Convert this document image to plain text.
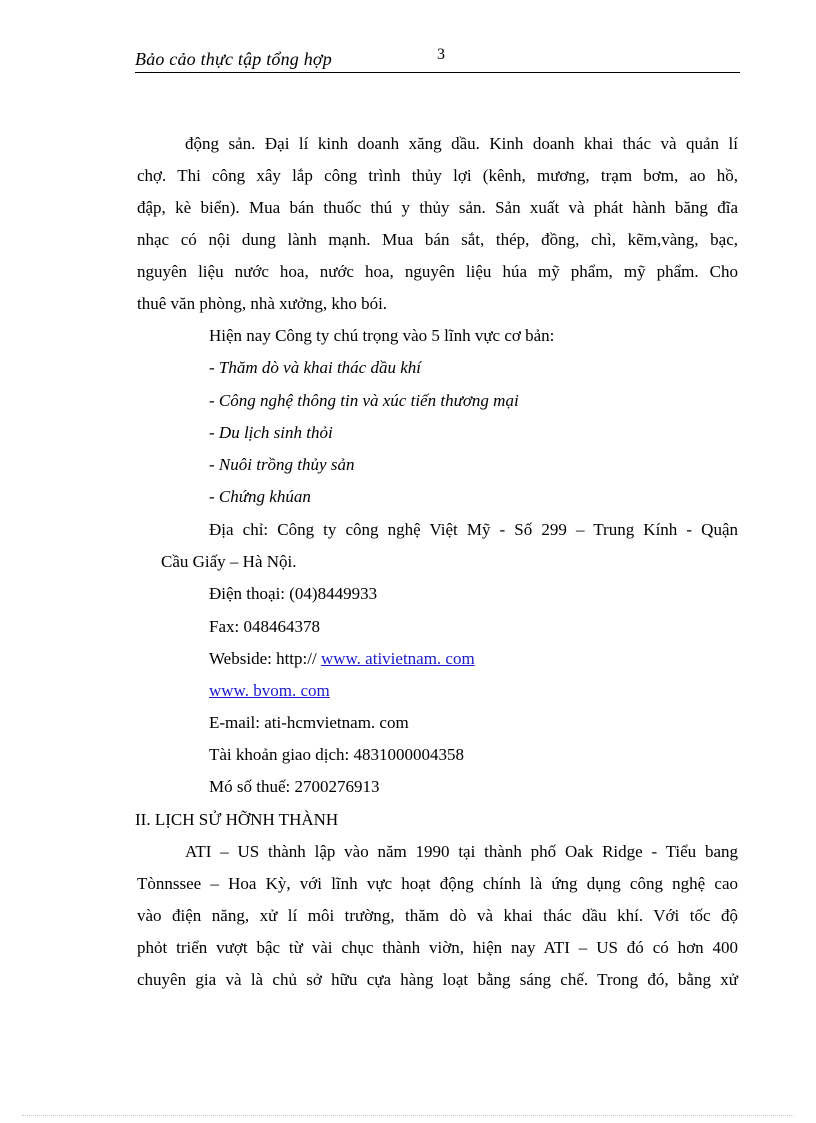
Bảo cảo thực tập tổng hợp	3
động sản. Đại lí kinh doanh xăng dầu. Kinh doanh khai thác và quản lí
chợ. Thi công xây lắp công trình thủy lợi (kênh, mương, trạm bơm, ao hồ,
đập, kè biển). Mua bán thuốc thú y thủy sản. Sản xuất và phát hành băng đĩa
nhạc có nội dung lành mạnh. Mua bán sắt, thép, đồng, chì, kẽm,vàng, bạc,
nguyên liệu nước hoa, nước hoa, nguyên liệu húa mỹ phẩm, mỹ phẩm. Cho
thuê văn phòng, nhà xưởng, kho bói.
Hiện nay Công ty chú trọng vào 5 lĩnh vực cơ bản:
- Thăm dò và khai thác dầu khí
- Công nghệ thông tin và xúc tiến thương mại
- Du lịch sinh thỏi
- Nuôi trồng thủy sản
- Chứng khúan
Địa chỉ: Công ty công nghệ Việt Mỹ - Số 299 – Trung Kính - Quận
Cầu Giấy – Hà Nội.
Điện thoại: (04)8449933
Fax: 048464378
Webside: http:// www. ativietnam. com
www. bvom. com
E-mail: ati-hcmvietnam. com
Tài khoản giao dịch: 4831000004358
Mó số thuế: 2700276913
II. LỊCH SỬ HỠNH THÀNH
ATI – US thành lập vào năm 1990 tại thành phố Oak Ridge - Tiểu bang
Tònnssee – Hoa Kỳ, với lĩnh vực hoạt động chính là ứng dụng công nghệ cao
vào điện năng, xử lí môi trường, thăm dò và khai thác dầu khí. Với tốc độ
phỏt triển vượt bậc từ vài chục thành viờn, hiện nay ATI – US đó có hơn 400
chuyên gia và là chủ sở hữu cựa hàng loạt bằng sáng chế. Trong đó, bằng xử
